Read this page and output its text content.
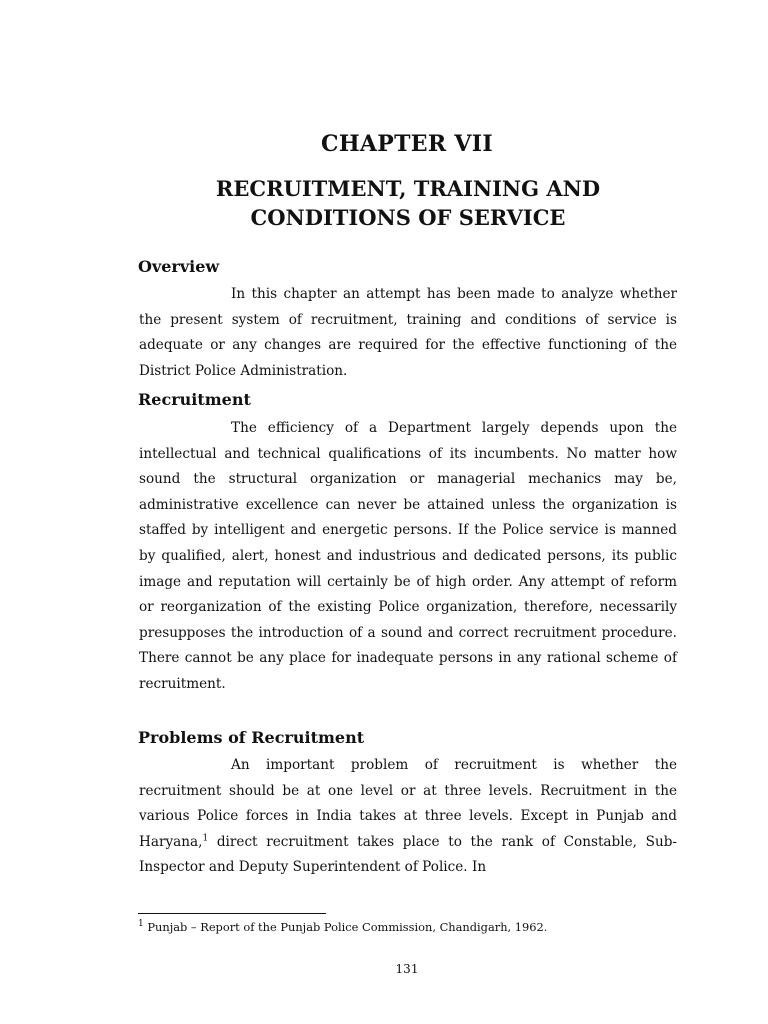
CHAPTER VII
RECRUITMENT, TRAINING AND
CONDITIONS OF SERVICE
Overview

In this chapter an attempt has been made to analyze whether the present system of recruitment, training and conditions of service is adequate or any changes are required for the effective functioning of the District Police Administration.

Recruitment

The efficiency of a Department largely depends upon the intellectual and technical qualifications of its incumbents. No matter how sound the structural organization or managerial mechanics may be, administrative excellence can never be attained unless the organization is staffed by intelligent and energetic persons. If the Police service is manned by qualified, alert, honest and industrious and dedicated persons, its public image and reputation will certainly be of high order. Any attempt of reform or reorganization of the existing Police organization, therefore, necessarily presupposes the introduction of a sound and correct recruitment procedure. There cannot be any place for inadequate persons in any rational scheme of recruitment.

Problems of Recruitment

An important problem of recruitment is whether the recruitment should be at one level or at three levels. Recruitment in the various Police forces in India takes at three levels. Except in Punjab and Haryana,$^1$ direct recruitment takes place to the rank of Constable, Sub-Inspector and Deputy Superintendent of Police. In

$^1$ Punjab – Report of the Punjab Police Commission, Chandigarh, 1962.
131
